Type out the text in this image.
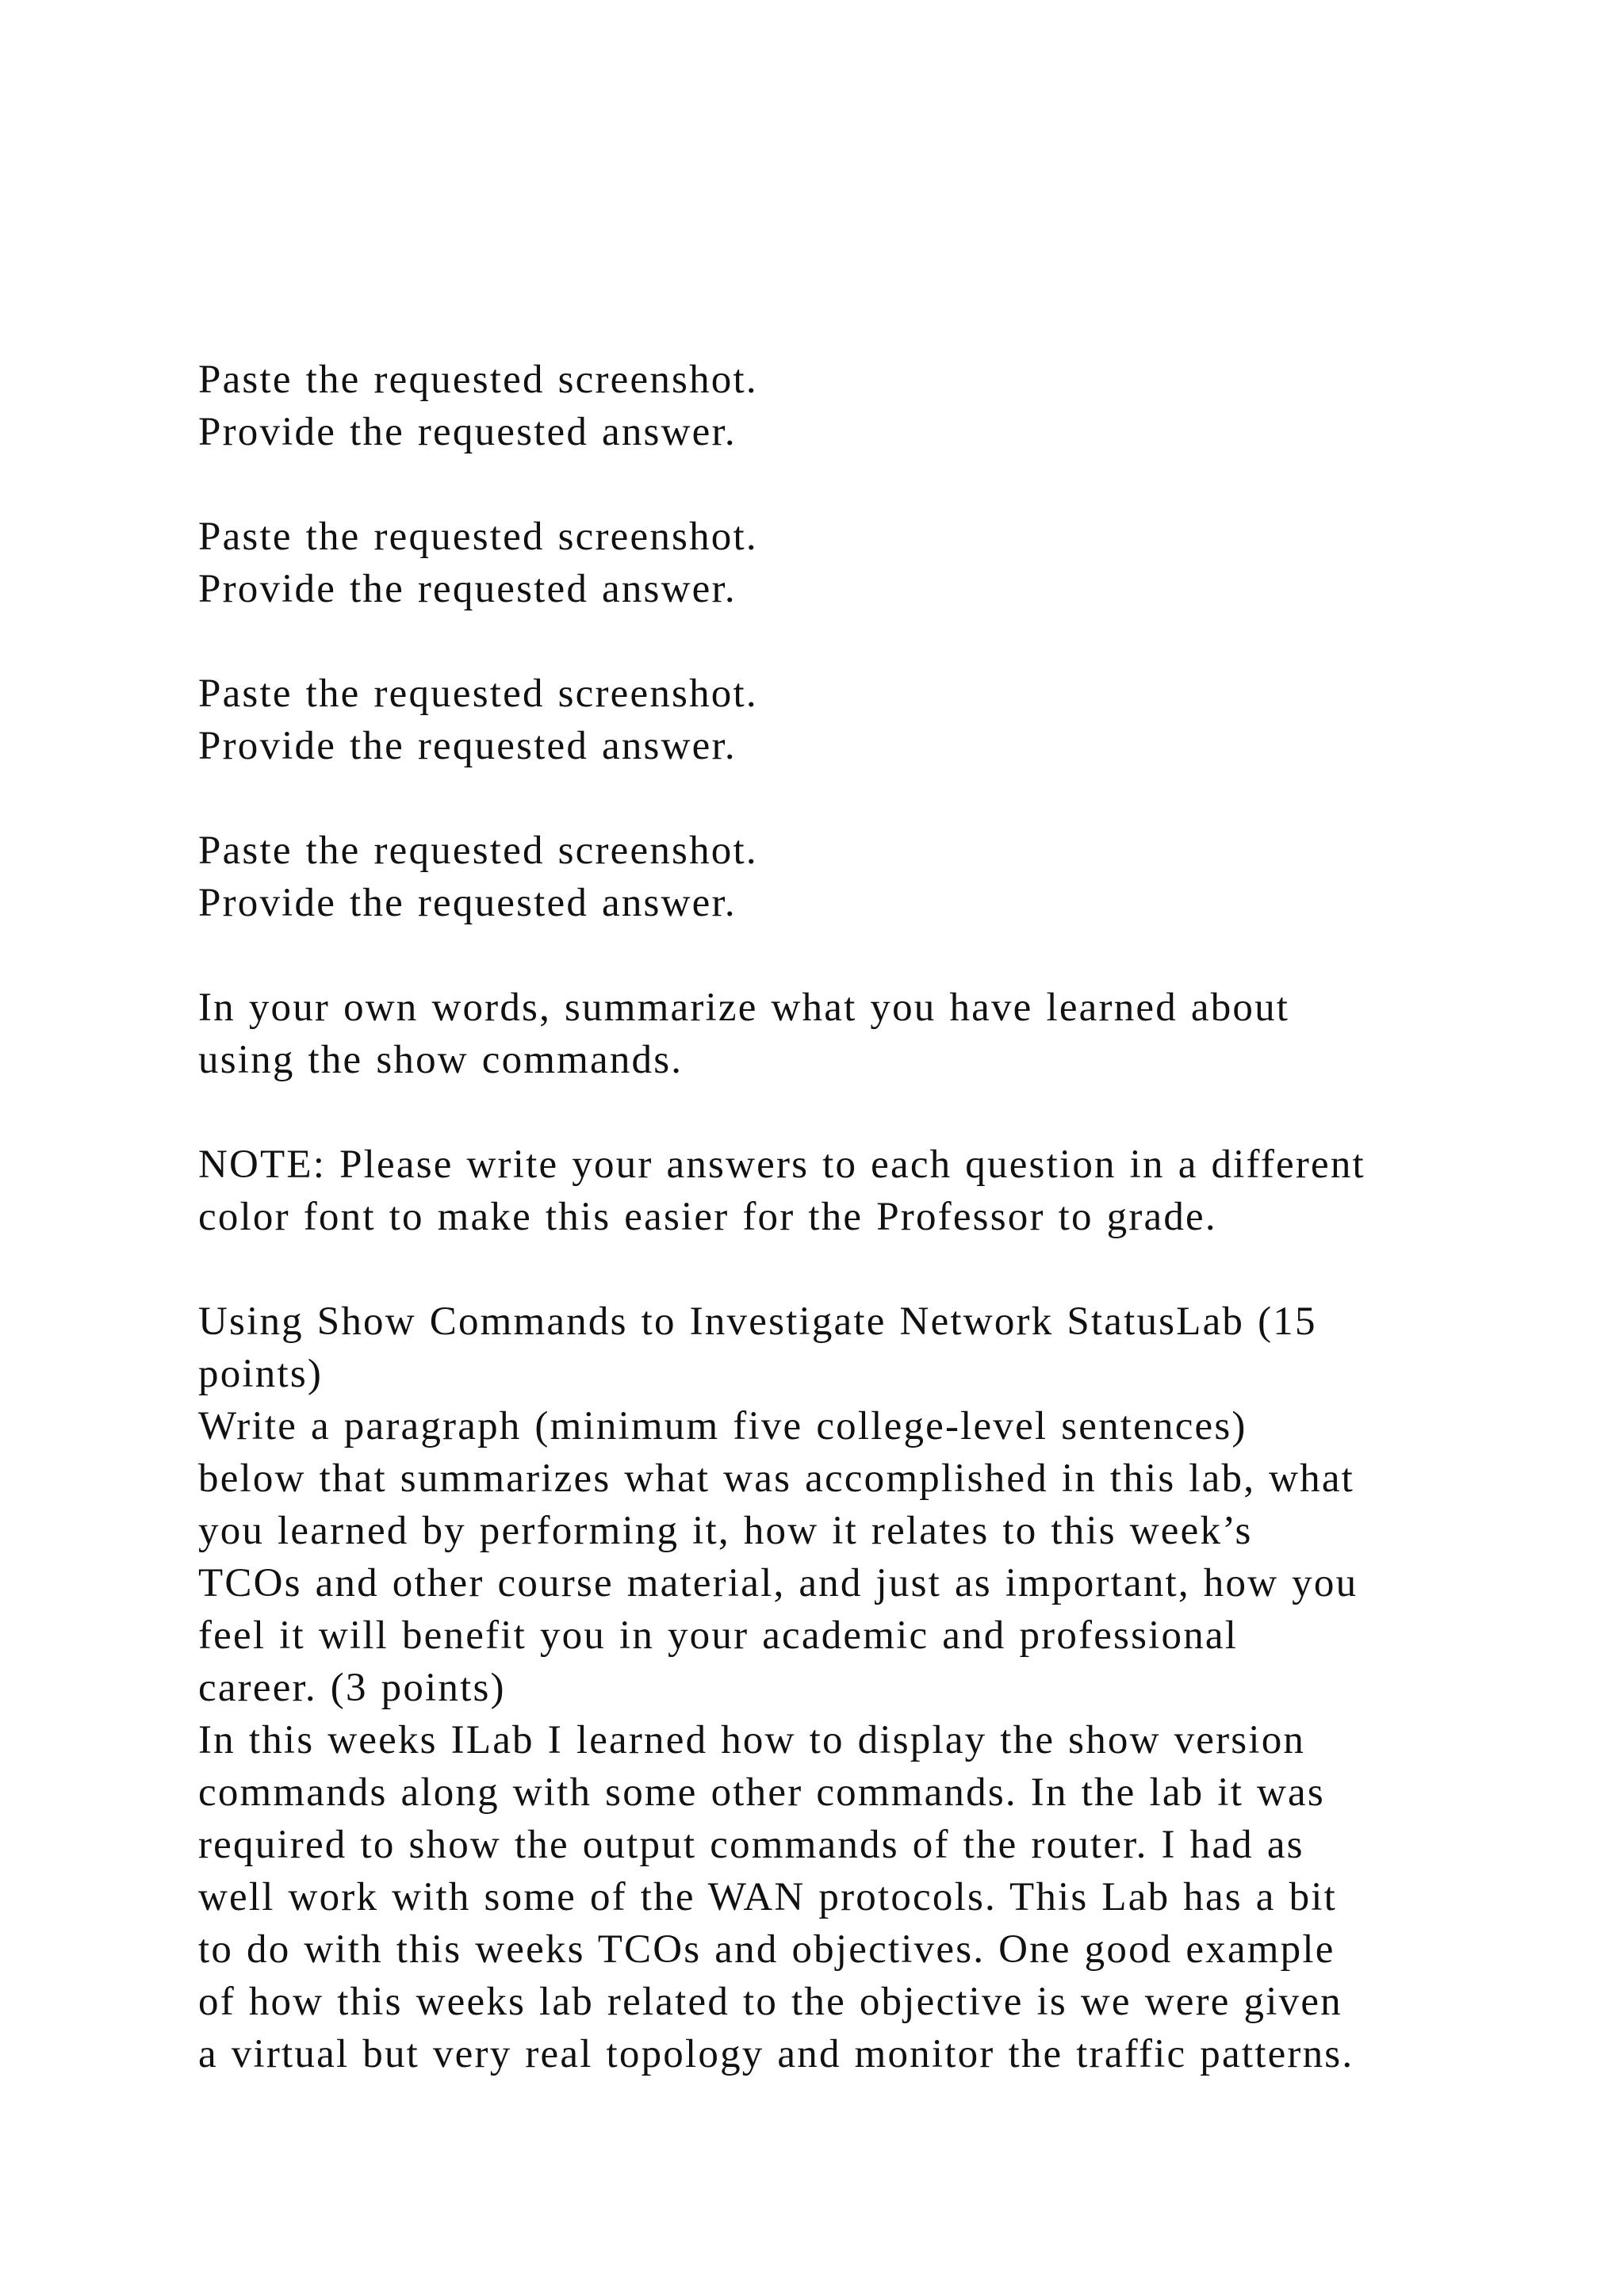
Paste the requested screenshot.

Provide the requested answer.

Paste the requested screenshot.

Provide the requested answer.

Paste the requested screenshot.

Provide the requested answer.

Paste the requested screenshot.

Provide the requested answer.

In your own words, summarize what you have learned about

using the show commands.

NOTE: Please write your answers to each question in a different

color font to make this easier for the Professor to grade.

Using Show Commands to Investigate Network StatusLab (15

points)

Write a paragraph (minimum five college-level sentences)

below that summarizes what was accomplished in this lab, what

you learned by performing it, how it relates to this week’s

TCOs and other course material, and just as important, how you

feel it will benefit you in your academic and professional

career. (3 points)

In this weeks ILab I learned how to display the show version

commands along with some other commands. In the lab it was

required to show the output commands of the router. I had as

well work with some of the WAN protocols. This Lab has a bit

to do with this weeks TCOs and objectives. One good example

of how this weeks lab related to the objective is we were given

a virtual but very real topology and monitor the traffic patterns.
